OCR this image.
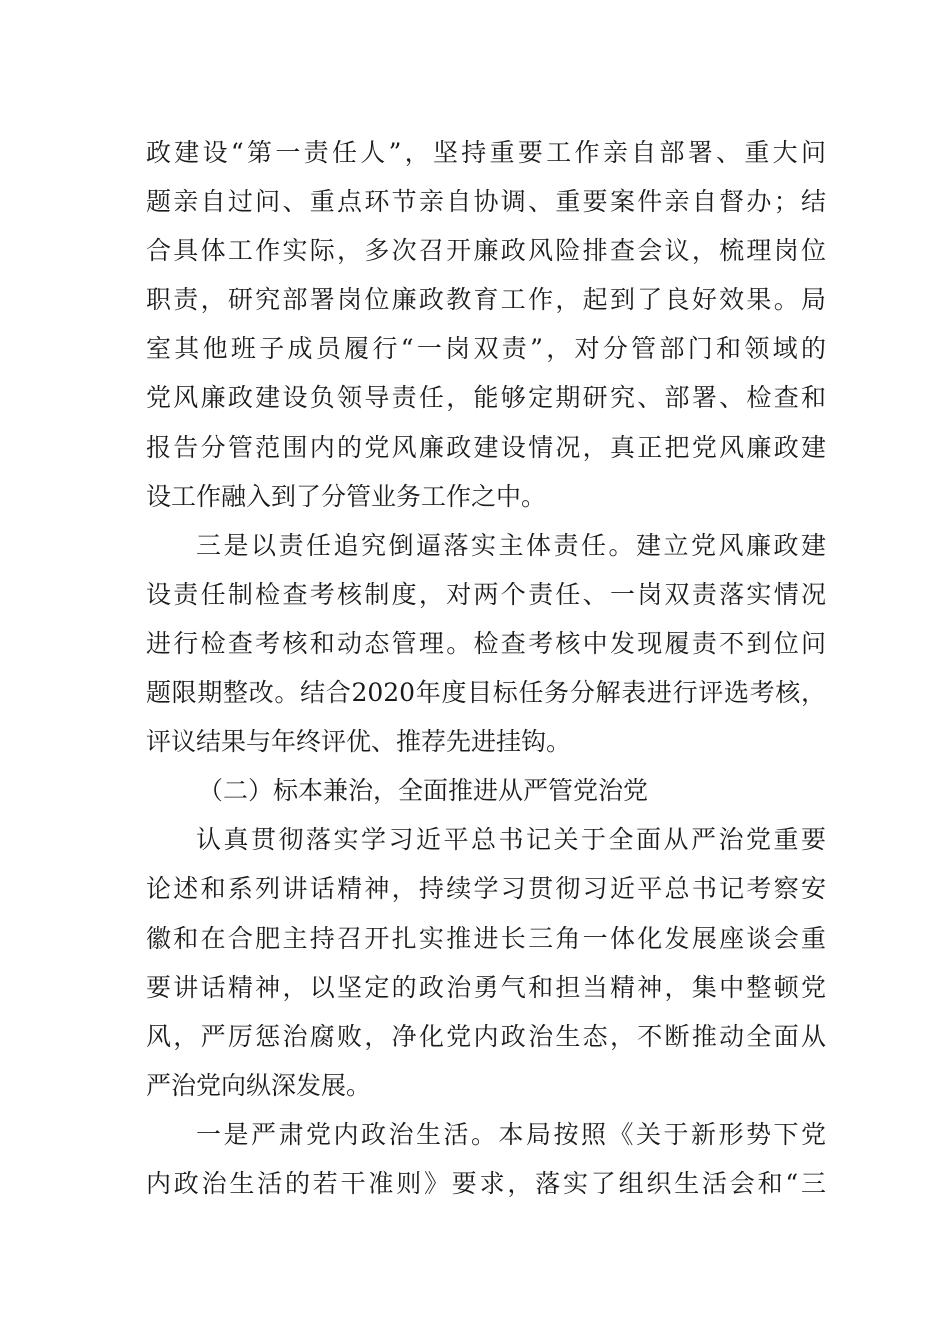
政建设“第一责任人”，坚持重要工作亲自部署、重大问
题亲自过问、重点环节亲自协调、重要案件亲自督办；结
合具体工作实际，多次召开廉政风险排查会议，梳理岗位
职责，研究部署岗位廉政教育工作，起到了良好效果。局
室其他班子成员履行“一岗双责”，对分管部门和领域的
党风廉政建设负领导责任，能够定期研究、部署、检查和
报告分管范围内的党风廉政建设情况，真正把党风廉政建
设工作融入到了分管业务工作之中。
三是以责任追究倒逼落实主体责任。建立党风廉政建
设责任制检查考核制度，对两个责任、一岗双责落实情况
进行检查考核和动态管理。检查考核中发现履责不到位问
题限期整改。结合2020年度目标任务分解表进行评选考核，
评议结果与年终评优、推荐先进挂钩。
（二）标本兼治，全面推进从严管党治党
认真贯彻落实学习近平总书记关于全面从严治党重要
论述和系列讲话精神，持续学习贯彻习近平总书记考察安
徽和在合肥主持召开扎实推进长三角一体化发展座谈会重
要讲话精神，以坚定的政治勇气和担当精神，集中整顿党
风，严厉惩治腐败，净化党内政治生态，不断推动全面从
严治党向纵深发展。
一是严肃党内政治生活。本局按照《关于新形势下党
内政治生活的若干准则》要求，落实了组织生活会和“三
